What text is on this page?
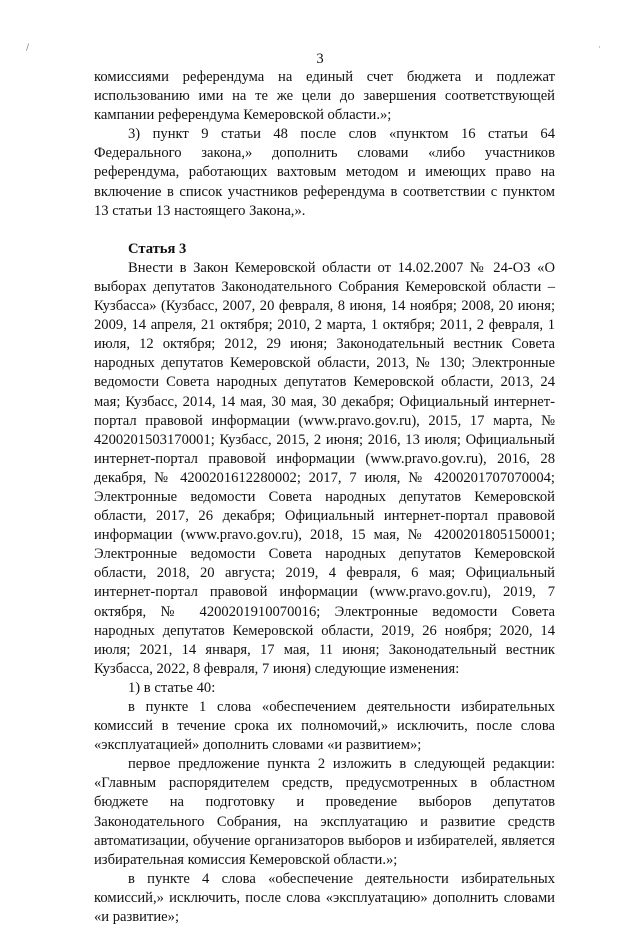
/	·
3

комиссиями референдума на единый счет бюджета и подлежат использованию ими на те же цели до завершения соответствующей кампании референдума Кемеровской области.»;

3) пункт 9 статьи 48 после слов «пунктом 16 статьи 64 Федерального закона,» дополнить словами «либо участников референдума, работающих вахтовым методом и имеющих право на включение в список участников референдума в соответствии с пунктом 13 статьи 13 настоящего Закона,».

Статья 3

Внести в Закон Кемеровской области от 14.02.2007 № 24-ОЗ «О выборах депутатов Законодательного Собрания Кемеровской области – Кузбасса» (Кузбасс, 2007, 20 февраля, 8 июня, 14 ноября; 2008, 20 июня; 2009, 14 апреля, 21 октября; 2010, 2 марта, 1 октября; 2011, 2 февраля, 1 июля, 12 октября; 2012, 29 июня; Законодательный вестник Совета народных депутатов Кемеровской области, 2013, № 130; Электронные ведомости Совета народных депутатов Кемеровской области, 2013, 24 мая; Кузбасс, 2014, 14 мая, 30 мая, 30 декабря; Официальный интернет-портал правовой информации (www.pravo.gov.ru), 2015, 17 марта, № 4200201503170001; Кузбасс, 2015, 2 июня; 2016, 13 июля; Официальный интернет-портал правовой информации (www.pravo.gov.ru), 2016, 28 декабря, № 4200201612280002; 2017, 7 июля, № 4200201707070004; Электронные ведомости Совета народных депутатов Кемеровской области, 2017, 26 декабря; Официальный интернет-портал правовой информации (www.pravo.gov.ru), 2018, 15 мая, № 4200201805150001; Электронные ведомости Совета народных депутатов Кемеровской области, 2018, 20 августа; 2019, 4 февраля, 6 мая; Официальный интернет-портал правовой информации (www.pravo.gov.ru), 2019, 7 октября, № 4200201910070016; Электронные ведомости Совета народных депутатов Кемеровской области, 2019, 26 ноября; 2020, 14 июля; 2021, 14 января, 17 мая, 11 июня; Законодательный вестник Кузбасса, 2022, 8 февраля, 7 июня) следующие изменения:

1) в статье 40:

в пункте 1 слова «обеспечением деятельности избирательных комиссий в течение срока их полномочий,» исключить, после слова «эксплуатацией» дополнить словами «и развитием»;

первое предложение пункта 2 изложить в следующей редакции: «Главным распорядителем средств, предусмотренных в областном бюджете на подготовку и проведение выборов депутатов Законодательного Собрания, на эксплуатацию и развитие средств автоматизации, обучение организаторов выборов и избирателей, является избирательная комиссия Кемеровской области.»;

в пункте 4 слова «обеспечение деятельности избирательных комиссий,» исключить, после слова «эксплуатацию» дополнить словами «и развитие»;
